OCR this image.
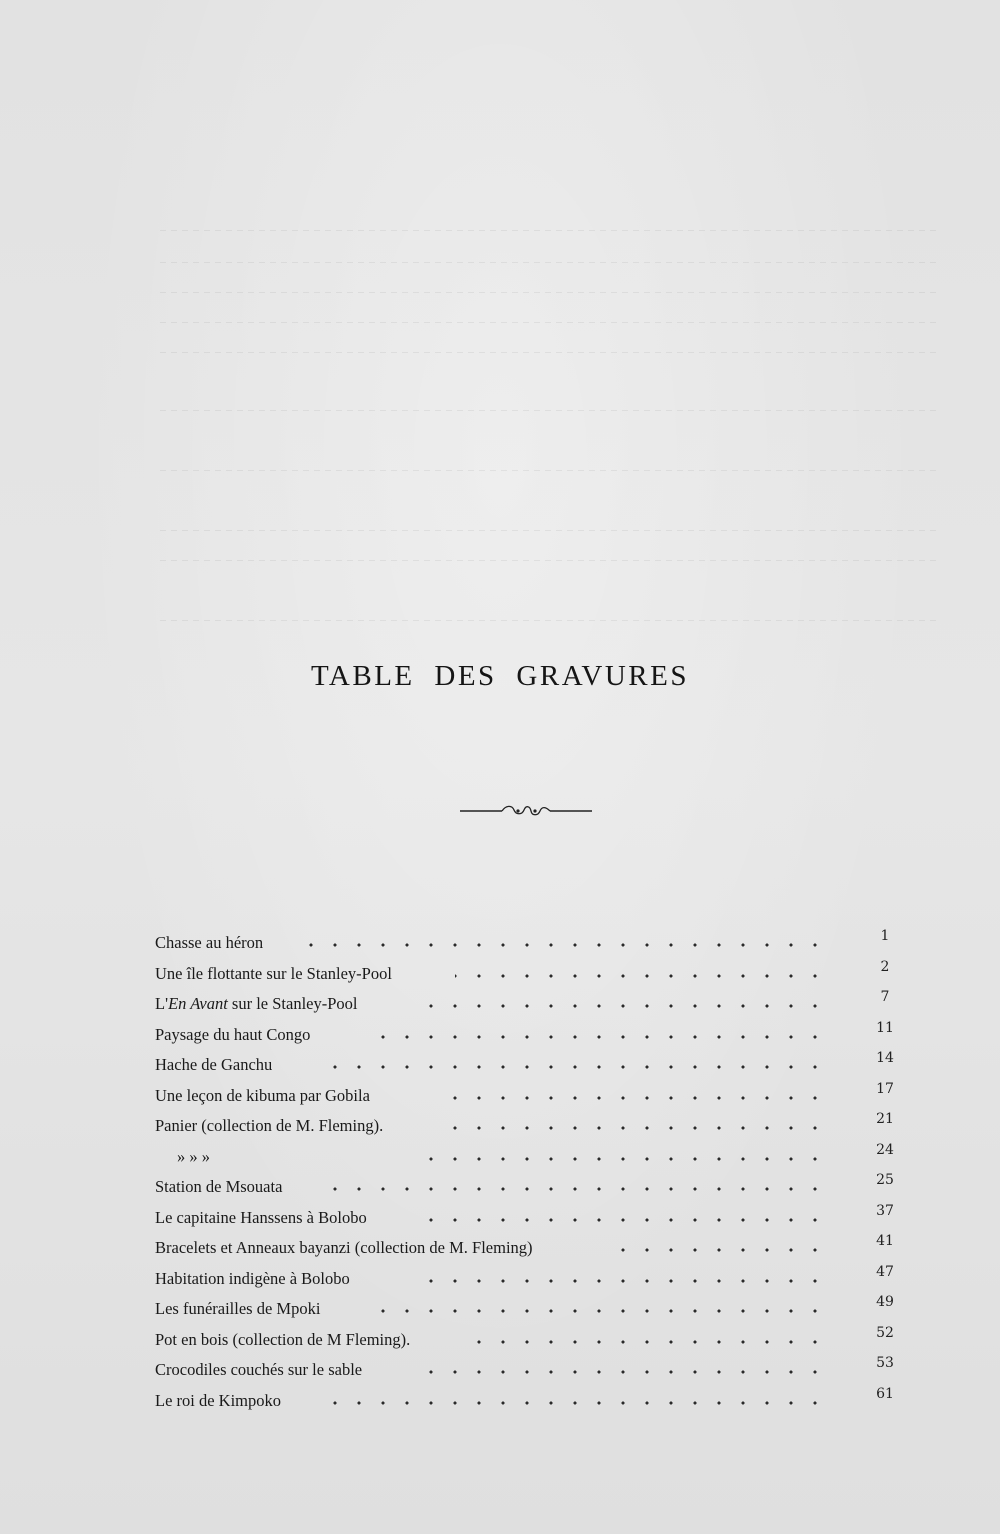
TABLE DES GRAVURES
Chasse au héron	1
Une île flottante sur le Stanley-Pool	2
L'En Avant sur le Stanley-Pool	7
Paysage du haut Congo	11
Hache de Ganchu	14
Une leçon de kibuma par Gobila	17
Panier (collection de M. Fleming).	21
» » »	24
Station de Msouata	25
Le capitaine Hanssens à Bolobo	37
Bracelets et Anneaux bayanzi (collection de M. Fleming)	41
Habitation indigène à Bolobo	47
Les funérailles de Mpoki	49
Pot en bois (collection de M Fleming).	52
Crocodiles couchés sur le sable	53
Le roi de Kimpoko	61
